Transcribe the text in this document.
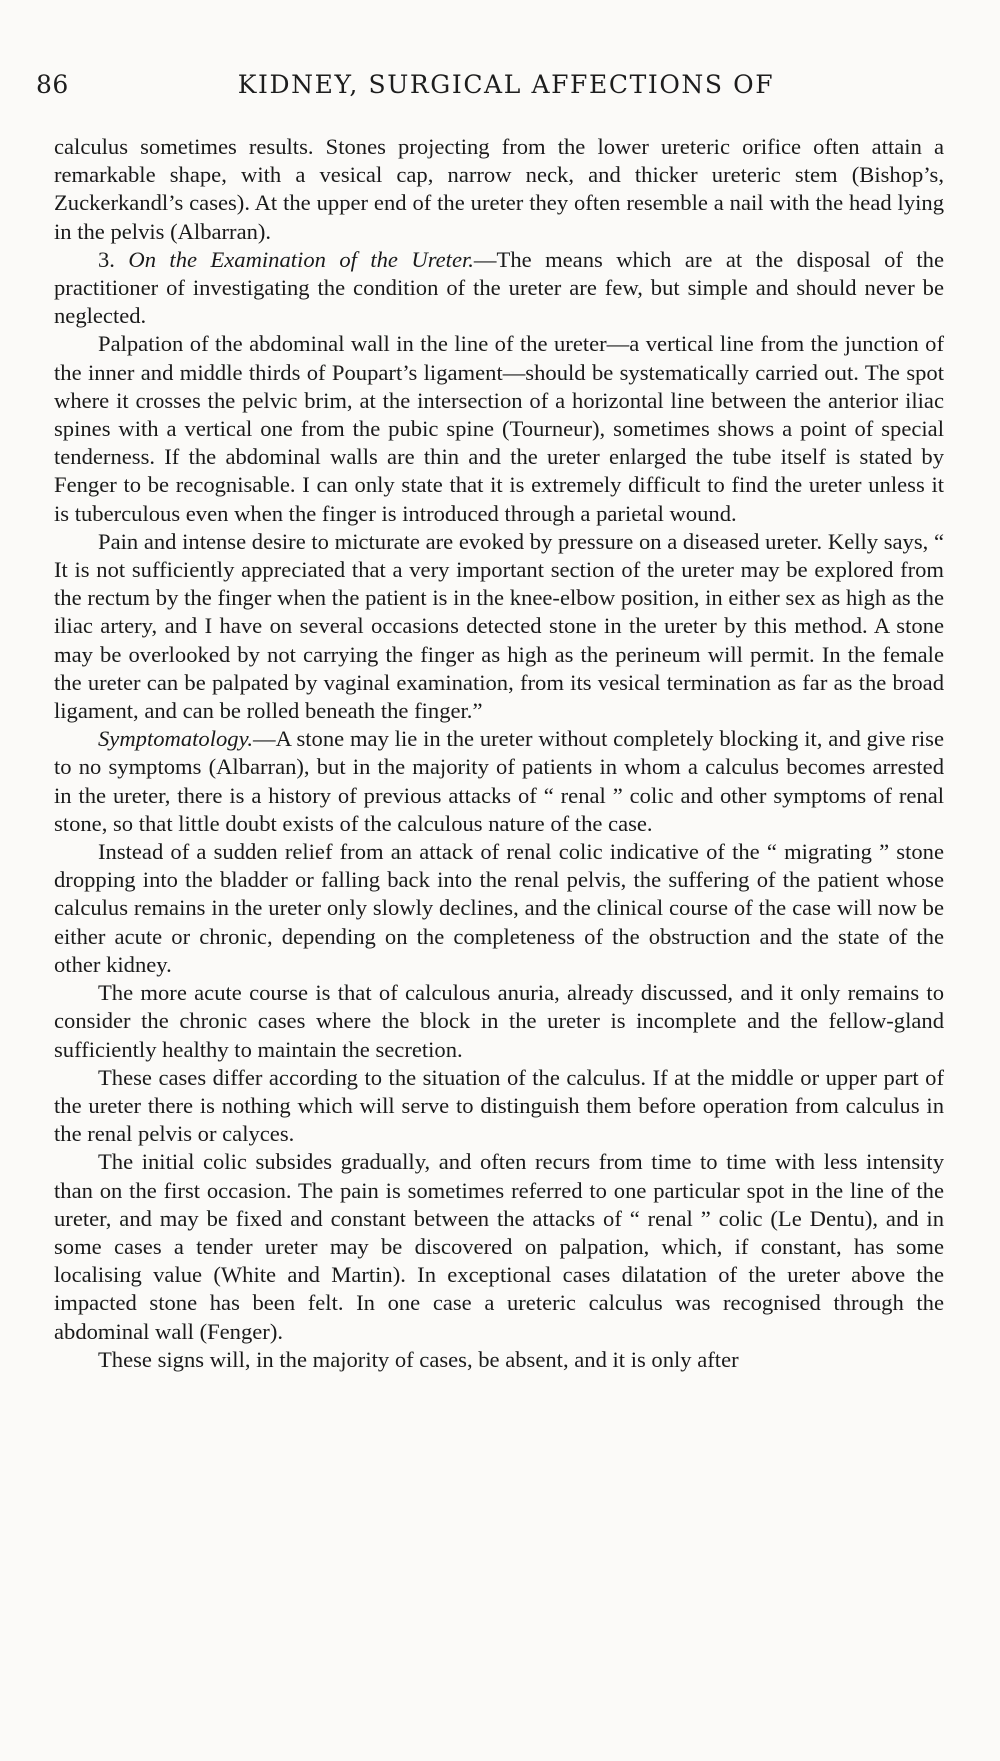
86	KIDNEY, SURGICAL AFFECTIONS OF

calculus sometimes results. Stones projecting from the lower ureteric orifice often attain a remarkable shape, with a vesical cap, narrow neck, and thicker ureteric stem (Bishop’s, Zuckerkandl’s cases). At the upper end of the ureter they often resemble a nail with the head lying in the pelvis (Albarran).

3. On the Examination of the Ureter.—The means which are at the disposal of the practitioner of investigating the condition of the ureter are few, but simple and should never be neglected.

Palpation of the abdominal wall in the line of the ureter—a vertical line from the junction of the inner and middle thirds of Poupart’s ligament—should be systematically carried out. The spot where it crosses the pelvic brim, at the intersection of a horizontal line between the anterior iliac spines with a vertical one from the pubic spine (Tourneur), sometimes shows a point of special tenderness. If the abdominal walls are thin and the ureter enlarged the tube itself is stated by Fenger to be recognisable. I can only state that it is extremely difficult to find the ureter unless it is tuberculous even when the finger is introduced through a parietal wound.

Pain and intense desire to micturate are evoked by pressure on a diseased ureter. Kelly says, “ It is not sufficiently appreciated that a very important section of the ureter may be explored from the rectum by the finger when the patient is in the knee-elbow position, in either sex as high as the iliac artery, and I have on several occasions detected stone in the ureter by this method. A stone may be overlooked by not carrying the finger as high as the perineum will permit. In the female the ureter can be palpated by vaginal examination, from its vesical termination as far as the broad ligament, and can be rolled beneath the finger.”

Symptomatology.—A stone may lie in the ureter without completely blocking it, and give rise to no symptoms (Albarran), but in the majority of patients in whom a calculus becomes arrested in the ureter, there is a history of previous attacks of “ renal ” colic and other symptoms of renal stone, so that little doubt exists of the calculous nature of the case.

Instead of a sudden relief from an attack of renal colic indicative of the “ migrating ” stone dropping into the bladder or falling back into the renal pelvis, the suffering of the patient whose calculus remains in the ureter only slowly declines, and the clinical course of the case will now be either acute or chronic, depending on the completeness of the obstruction and the state of the other kidney.

The more acute course is that of calculous anuria, already discussed, and it only remains to consider the chronic cases where the block in the ureter is incomplete and the fellow-gland sufficiently healthy to maintain the secretion.

These cases differ according to the situation of the calculus. If at the middle or upper part of the ureter there is nothing which will serve to distinguish them before operation from calculus in the renal pelvis or calyces.

The initial colic subsides gradually, and often recurs from time to time with less intensity than on the first occasion. The pain is sometimes referred to one particular spot in the line of the ureter, and may be fixed and constant between the attacks of “ renal ” colic (Le Dentu), and in some cases a tender ureter may be discovered on palpation, which, if constant, has some localising value (White and Martin). In exceptional cases dilatation of the ureter above the impacted stone has been felt. In one case a ureteric calculus was recognised through the abdominal wall (Fenger).

These signs will, in the majority of cases, be absent, and it is only after
